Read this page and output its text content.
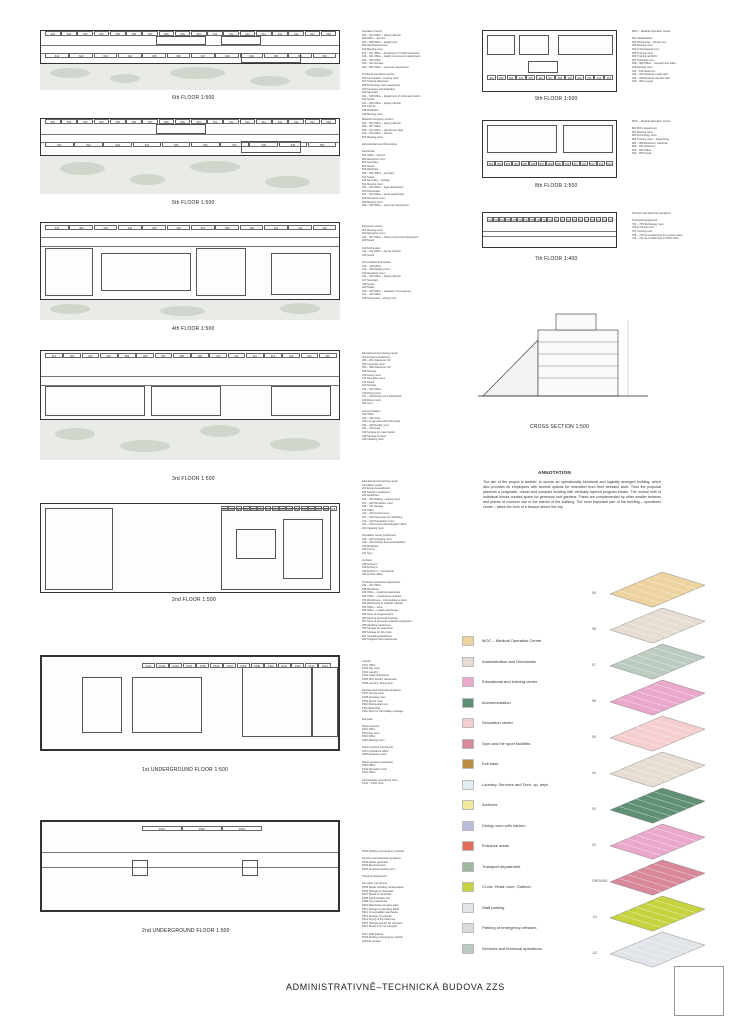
601	602	603	604	605	606	607	608	609	610	611	612	613	614	615	616	617	618
641	642	643	644	645	646	647	648	649	650	651	652
6th FLOOR 1:500
501	502	503	504	505	506	507	508	509	510	511	512	513	514	515	516	517	518
541	542	543	544	545	546	547	548	549	550
5th FLOOR 1:500
401	402	403	404	405	406	407	408	409	410	411	412
4th FLOOR 1:500
301	302	303	304	305	306	307	308	309	310	311	312	313	314	315	316
3rd FLOOR 1:500
201	202	203	204	205	206	207	208	209	210	211	212	226	227	228	248
2nd FLOOR 1:500
P101	P102	P103	P104	P105	P106	P107	P108	P109	P110	P111	P112	P113	P114
1st UNDERGROUND FLOOR 1:500
P201	P202	P203
2nd UNDERGROUND FLOOR 1:500
Operation Centre
601 – 604 Office – deputy director
605 Office – director
606 – 608 Office – department
609 Handled business
610 Meeting room
611 – 617 Office – department of health insurance
618 – 621 Office – health procurement department
622 – 625 Office
630 – 634 Storage
640 – 652 Office – economic department

Technical operations section
626 Consultation, meeting room
627 Training classroom
628 Technology room warehouse
629 Company administration
630 Secretary
631 – 638 Office – department of information techn.
640 Snack
641 – 646 Office – deputy director
647 Kitchen
648 Wardrobe
649 Meeting room
Medical emergency section
501 – 504 Office – deputy director
505 – 507 Office
508 – 512 Office – call director data
513 – 520 Office – doctors
521 Meeting room

Administration and Directorate

Directorate
501 Office – director
502 Reception room
503 Secretary
504 Snack
505 Wardrobe
506 – 511 Office – secretary
512 Snack
513 Secretary – storage
514 Meeting room
515 – 519 Office – legal department
520 Kitchenette
521 – 524 Office – press department
525 Reception room
526 Meeting room
530 – 545 Office – economic department
Personnel section
401 Meeting room
402 Reception room
403 – 407 Office – head of personnel department
408 Snack

410 Kitchenette
411 – 414 Office – deputy director
415 Snack

Non-medical staff section
416 – 418 Office
419 – 422 Meeting room
423 Reception room
424 – 426 Office – deputy director
427 Secretary
428 Snack
429 Toilets
430 – 440 Office – operation of emergency
441 – 444 Office
445 Kitchenette – dining room
Educational and training center
301 Entrance auditorium
302 – 303 Classroom 30
304 Computer room
305 – 308 Classroom 30
309 Storage
310 Group room
311 Reception room
312 Snack
313 Storage
314 – 315 Office
316 Dining room
317 – 319 Dining room kitchenette
320 Dining room
321 Gym

Accommodation
322 Office
323 – 332 Units
333 Lounge area with kitchenette
334 – 340 Double room
341 – 343 Suite
344 Storage for noise barrier
345 Storage for linen
346 Cleaning room
Educational and training center
Simulation center
201 Entrance auditorium
202 Stand for auditorium
203 Auditorium
204 – 206 Waiting, meeting room
207 – 208 Simulation room
209 – 211 Storage
212 Office
213 – 216 Control room
217 – 218 Classroom for debriefing
219 – 220 Preparation room
221 – 223 Control administration office
224 Cleaning room

Simulation center (continued)
225 – 229 Changing room
230 – 234 Shower and social facilities
235 Wardrobe
236 Theory
237 Gym

Archives
238 Archive 1
239 Archive 2
240 Archive 3 – mechanical
241 Archive office

Technical operational department
242 – 247 Office
248 Workshop
249 Office – repairing warehouse
250 Office – maintenance workers
251 Warehouse – intermediate product
252 Warehouse of medical material
253 Office – store
254 Office – repairs warehouse
255 Store of drugs/receipts
256 Store of technical products
257 Store of personal protective equipment
258 Handling warehouse
259 Storage for clean linen
260 Storage for dirty linen
261 Operating warehouse
262 Toughest linen warehouse
Laundry
P101 Office
P102 Day room
P103 Laundry
P104 Clean warehouse
P105 Dirty laundry warehouse
P106 Laundry, dining room

Services and technical operations
P107 Service room
P108 Cleaning room
P109 Server room
P110 Mechanical room
P111 Workshop
P112 Store for the building manager

Exit base

Depot services
P113 Office
P114 Day room
P115 Office
P116 Meeting room

Depot services (continued)
P117 Ambulance office
P118 Reception room

Depot services (continued)
P119 Office
P120 Reception room
P121 Office

Administration and dining room
P122 – P125 Units
P201 Parking of emergency vehicles

Services and technical operations
P202 Roads generator
P203 Electrical room
P204 Technical backup room

Transport department

Car wash, car service
P205 Waste including contaminated
P206 Storage of chemicals
P207 Waste of chemicals
P208 Administration unit
P209 Tyre warehouse
P210 Warehouse of spare parts
P211 Storage of operating fluids
P212 Consumables warehouse
P213 Storage of hydraulic
P214 Drying of the reference
P215 Storage sets for car transport
P216 Waste from car transport

P217 Staff parking
P218 Parking of emergency vehicle
artificial vehicles
901	902	903	904	905	906	907	908	909	910	911	912	913
9th FLOOR 1:500
MOC – Medical Operation Centre

901 Headquarters
902 Kitchenette – dining room
903 Meeting room
904 Technological room
905 Training room
906 Training tail MOC
907 Technical room
908 – 909 Office – management office
910 Storage room
911 – 913 Restroom
914 – 915 Restroom male staff
916 – 918 Restroom female staff
919 – 925 Lounge
801	802	803	804	805	806	807	808	809	810	811	812	813	814	815
8th FLOOR 1:500
MOC – Medical Operation Centre

801 MOC department
802 Meeting room
803 Technology room
804 Training room – dispatching
805 – 808 Restroom, wardrobe
809 – 811 Restroom
812 – 813 Office
814 – 815 Snack
701 702 703 704 705 706 707 708 709 710 711 712 713 714 715 716 717 718 719 720 721
7th FLOOR 1:400
Services and technical operations

Technical background
701 – 705 Technology room
706 Technical room
707 Cooling room
708 – 715 Air-conditioning for process water
716 – 721 Air-conditioning for MOC halls
CROSS SECTION 1:500
ANNOTATION
The aim of the project is twofold: to secure an operationally functional and logically arranged building, which also provides its employees with several options for relaxation from their stressful work. Thus the proposal presents a pragmatic, robust and compact building with vertically layered program blocks. The mutual shift of individual blocks creates space for generous roof gardens. These are complemented by other smaller terraces and places of common use in the interior of the building. The most important part of the building – operations centre – takes the form of a beacon above the city.
MOC – Medical Operation Centre
Administration and Directorate
Educational and training center
Accommodation
Simulation center
Gym and the sport facilities
Exit base
Laundry, Services and Tech. op. dept.
Archives
Dining room with kitchen
Entrance areas
Transport department
Cl.rds. Head room, Outtech.
Staff parking
Parking of emergency vehicles
Services and technical operations
09
08
07
06
05
04
03
02
GROUND
-01
-02
ADMINISTRATIVNĚ–TECHNICKÁ BUDOVA ZZS
